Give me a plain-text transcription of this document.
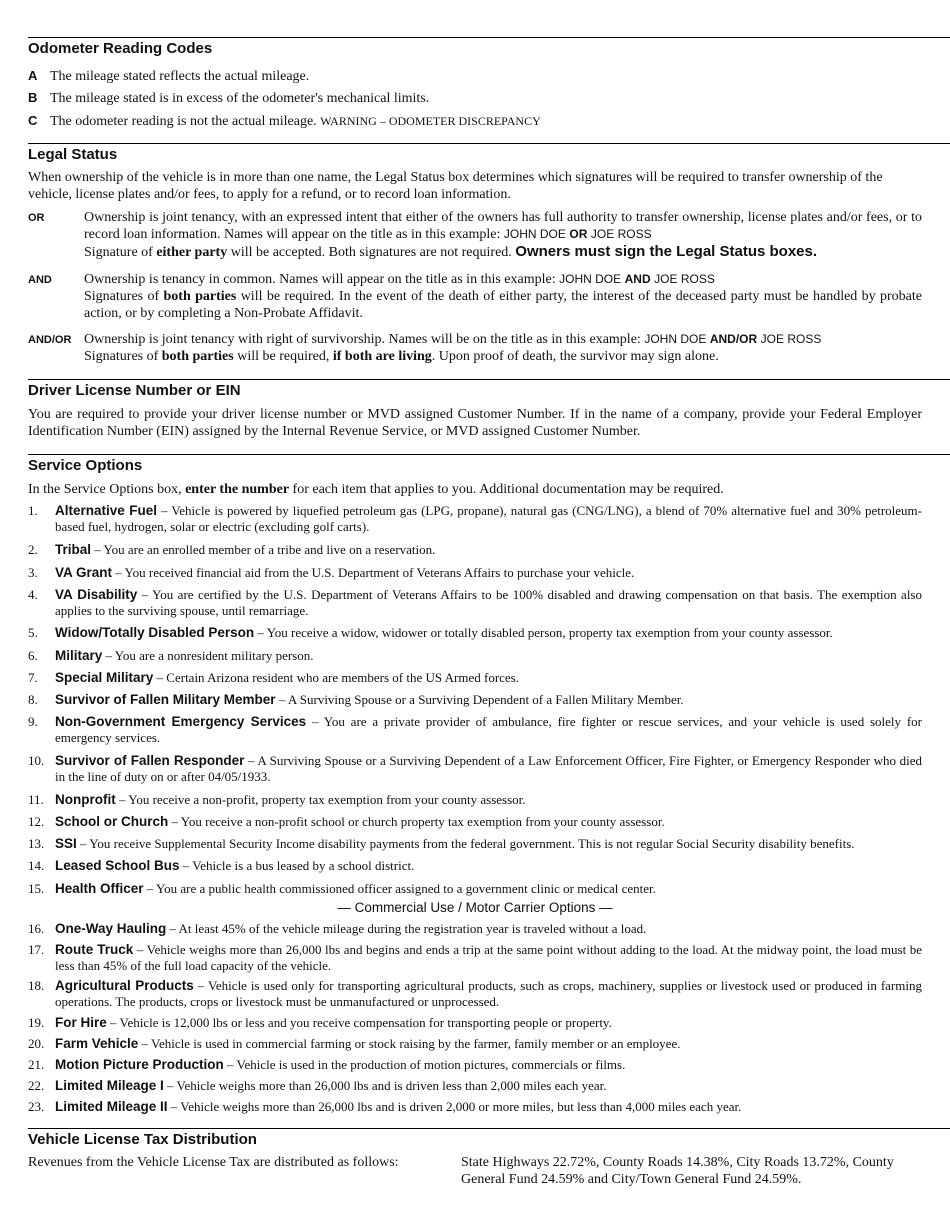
Odometer Reading Codes
A The mileage stated reflects the actual mileage.
B The mileage stated is in excess of the odometer's mechanical limits.
C The odometer reading is not the actual mileage. WARNING – ODOMETER DISCREPANCY
Legal Status
When ownership of the vehicle is in more than one name, the Legal Status box determines which signatures will be required to transfer ownership of the vehicle, license plates and/or fees, to apply for a refund, or to record loan information.
OR	Ownership is joint tenancy, with an expressed intent that either of the owners has full authority to transfer ownership, license plates and/or fees, or to record loan information. Names will appear on the title as in this example: JOHN DOE OR JOE ROSS
Signature of either party will be accepted. Both signatures are not required. Owners must sign the Legal Status boxes.
AND Ownership is tenancy in common. Names will appear on the title as in this example: JOHN DOE AND JOE ROSS
Signatures of both parties will be required. In the event of the death of either party, the interest of the deceased party must be handled by probate action, or by completing a Non-Probate Affidavit.
AND/OR Ownership is joint tenancy with right of survivorship. Names will be on the title as in this example: JOHN DOE AND/OR JOE ROSS
Signatures of both parties will be required, if both are living. Upon proof of death, the survivor may sign alone.
Driver License Number or EIN
You are required to provide your driver license number or MVD assigned Customer Number. If in the name of a company, provide your Federal Employer Identification Number (EIN) assigned by the Internal Revenue Service, or MVD assigned Customer Number.
Service Options
In the Service Options box, enter the number for each item that applies to you. Additional documentation may be required.
1.	Alternative Fuel – Vehicle is powered by liquefied petroleum gas (LPG, propane), natural gas (CNG/LNG), a blend of 70% alternative fuel and 30% petroleum-based fuel, hydrogen, solar or electric (excluding golf carts).
2.	Tribal – You are an enrolled member of a tribe and live on a reservation.
3.	VA Grant – You received financial aid from the U.S. Department of Veterans Affairs to purchase your vehicle.
4.	VA Disability – You are certified by the U.S. Department of Veterans Affairs to be 100% disabled and drawing compensation on that basis. The exemption also applies to the surviving spouse, until remarriage.
5.	Widow/Totally Disabled Person – You receive a widow, widower or totally disabled person, property tax exemption from your county assessor.
6.	Military – You are a nonresident military person.
7.	Special Military – Certain Arizona resident who are members of the US Armed forces.
8.	Survivor of Fallen Military Member – A Surviving Spouse or a Surviving Dependent of a Fallen Military Member.
9.	Non-Government Emergency Services – You are a private provider of ambulance, fire fighter or rescue services, and your vehicle is used solely for emergency services.
10. Survivor of Fallen Responder – A Surviving Spouse or a Surviving Dependent of a Law Enforcement Officer, Fire Fighter, or Emergency Responder who died in the line of duty on or after 04/05/1933.
11. Nonprofit – You receive a non-profit, property tax exemption from your county assessor.
12. School or Church – You receive a non-profit school or church property tax exemption from your county assessor.
13. SSI – You receive Supplemental Security Income disability payments from the federal government. This is not regular Social Security disability benefits.
14. Leased School Bus – Vehicle is a bus leased by a school district.
15. Health Officer – You are a public health commissioned officer assigned to a government clinic or medical center.
16. One-Way Hauling – At least 45% of the vehicle mileage during the registration year is traveled without a load.
17. Route Truck – Vehicle weighs more than 26,000 lbs and begins and ends a trip at the same point without adding to the load. At the midway point, the load must be less than 45% of the full load capacity of the vehicle.
18. Agricultural Products – Vehicle is used only for transporting agricultural products, such as crops, machinery, supplies or livestock used or produced in farming operations. The products, crops or livestock must be unmanufactured or unprocessed.
19. For Hire – Vehicle is 12,000 lbs or less and you receive compensation for transporting people or property.
20. Farm Vehicle – Vehicle is used in commercial farming or stock raising by the farmer, family member or an employee.
21. Motion Picture Production – Vehicle is used in the production of motion pictures, commercials or films.
22. Limited Mileage I – Vehicle weighs more than 26,000 lbs and is driven less than 2,000 miles each year.
23. Limited Mileage II – Vehicle weighs more than 26,000 lbs and is driven 2,000 or more miles, but less than 4,000 miles each year.
— Commercial Use / Motor Carrier Options —
Vehicle License Tax Distribution
Revenues from the Vehicle License Tax are distributed as follows:	State Highways 22.72%, County Roads 14.38%, City Roads 13.72%, County General Fund 24.59% and City/Town General Fund 24.59%.
